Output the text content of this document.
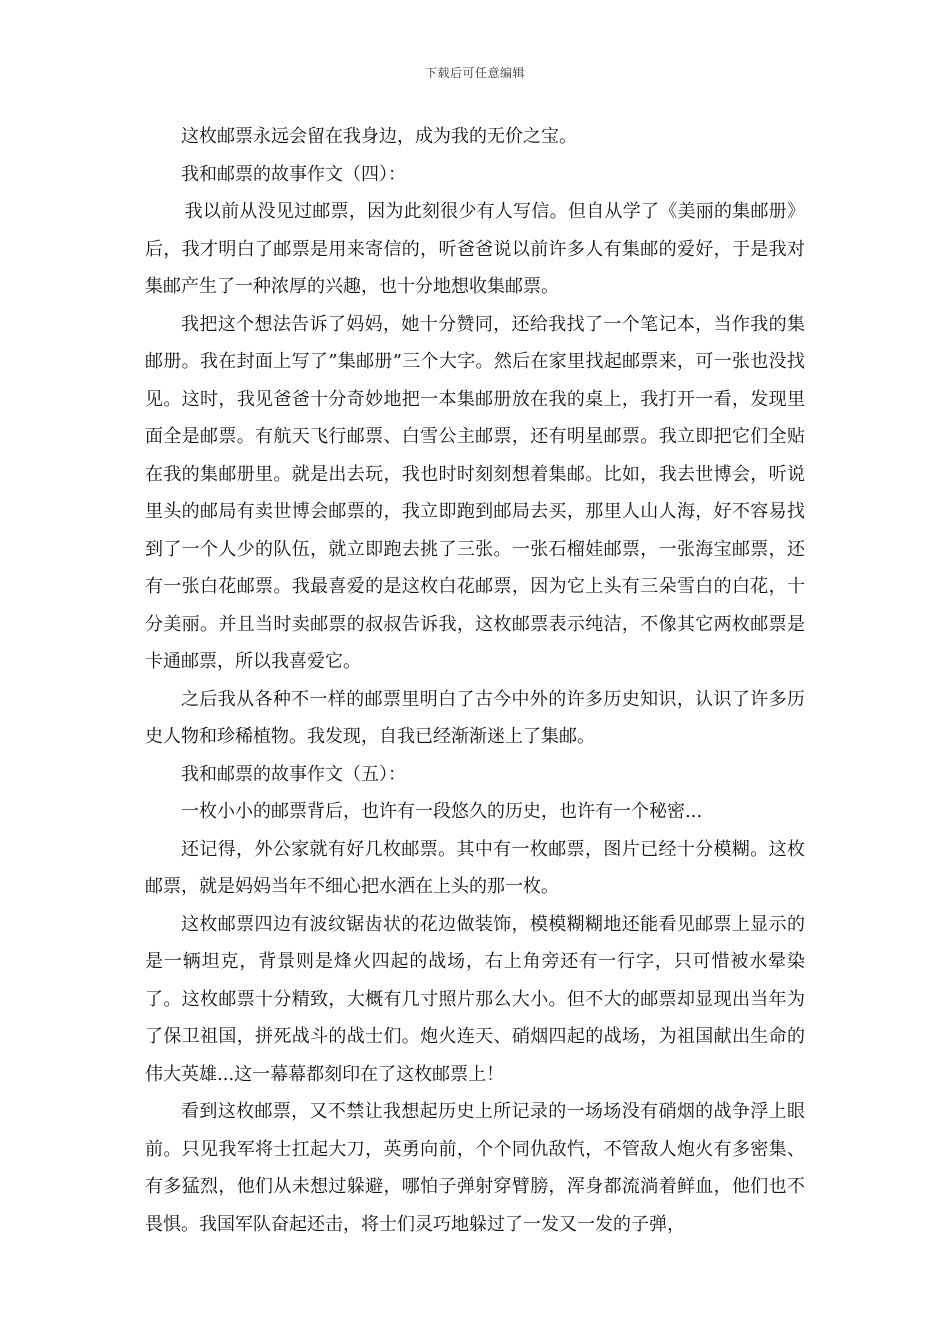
下载后可任意编辑

这枚邮票永远会留在我身边，成为我的无价之宝。

我和邮票的故事作文（四）：

我以前从没见过邮票，因为此刻很少有人写信。但自从学了《美丽的集邮册》后，我才明白了邮票是用来寄信的，听爸爸说以前许多人有集邮的爱好，于是我对集邮产生了一种浓厚的兴趣，也十分地想收集邮票。

我把这个想法告诉了妈妈，她十分赞同，还给我找了一个笔记本，当作我的集邮册。我在封面上写了”集邮册”三个大字。然后在家里找起邮票来，可一张也没找见。这时，我见爸爸十分奇妙地把一本集邮册放在我的桌上，我打开一看，发现里面全是邮票。有航天飞行邮票、白雪公主邮票，还有明星邮票。我立即把它们全贴在我的集邮册里。就是出去玩，我也时时刻刻想着集邮。比如，我去世博会，听说里头的邮局有卖世博会邮票的，我立即跑到邮局去买，那里人山人海，好不容易找到了一个人少的队伍，就立即跑去挑了三张。一张石榴娃邮票，一张海宝邮票，还有一张白花邮票。我最喜爱的是这枚白花邮票，因为它上头有三朵雪白的白花，十分美丽。并且当时卖邮票的叔叔告诉我，这枚邮票表示纯洁，不像其它两枚邮票是卡通邮票，所以我喜爱它。

之后我从各种不一样的邮票里明白了古今中外的许多历史知识，认识了许多历史人物和珍稀植物。我发现，自我已经渐渐迷上了集邮。

我和邮票的故事作文（五）：

一枚小小的邮票背后，也许有一段悠久的历史，也许有一个秘密...

还记得，外公家就有好几枚邮票。其中有一枚邮票，图片已经十分模糊。这枚邮票，就是妈妈当年不细心把水洒在上头的那一枚。

这枚邮票四边有波纹锯齿状的花边做装饰，模模糊糊地还能看见邮票上显示的是一辆坦克，背景则是烽火四起的战场，右上角旁还有一行字，只可惜被水晕染了。这枚邮票十分精致，大概有几寸照片那么大小。但不大的邮票却显现出当年为了保卫祖国，拼死战斗的战士们。炮火连天、硝烟四起的战场，为祖国献出生命的伟大英雄...这一幕幕都刻印在了这枚邮票上！

看到这枚邮票，又不禁让我想起历史上所记录的一场场没有硝烟的战争浮上眼前。只见我军将士扛起大刀，英勇向前，个个同仇敌忾，不管敌人炮火有多密集、有多猛烈，他们从未想过躲避，哪怕子弹射穿臂膀，浑身都流淌着鲜血，他们也不畏惧。我国军队奋起还击，将士们灵巧地躲过了一发又一发的子弹，
